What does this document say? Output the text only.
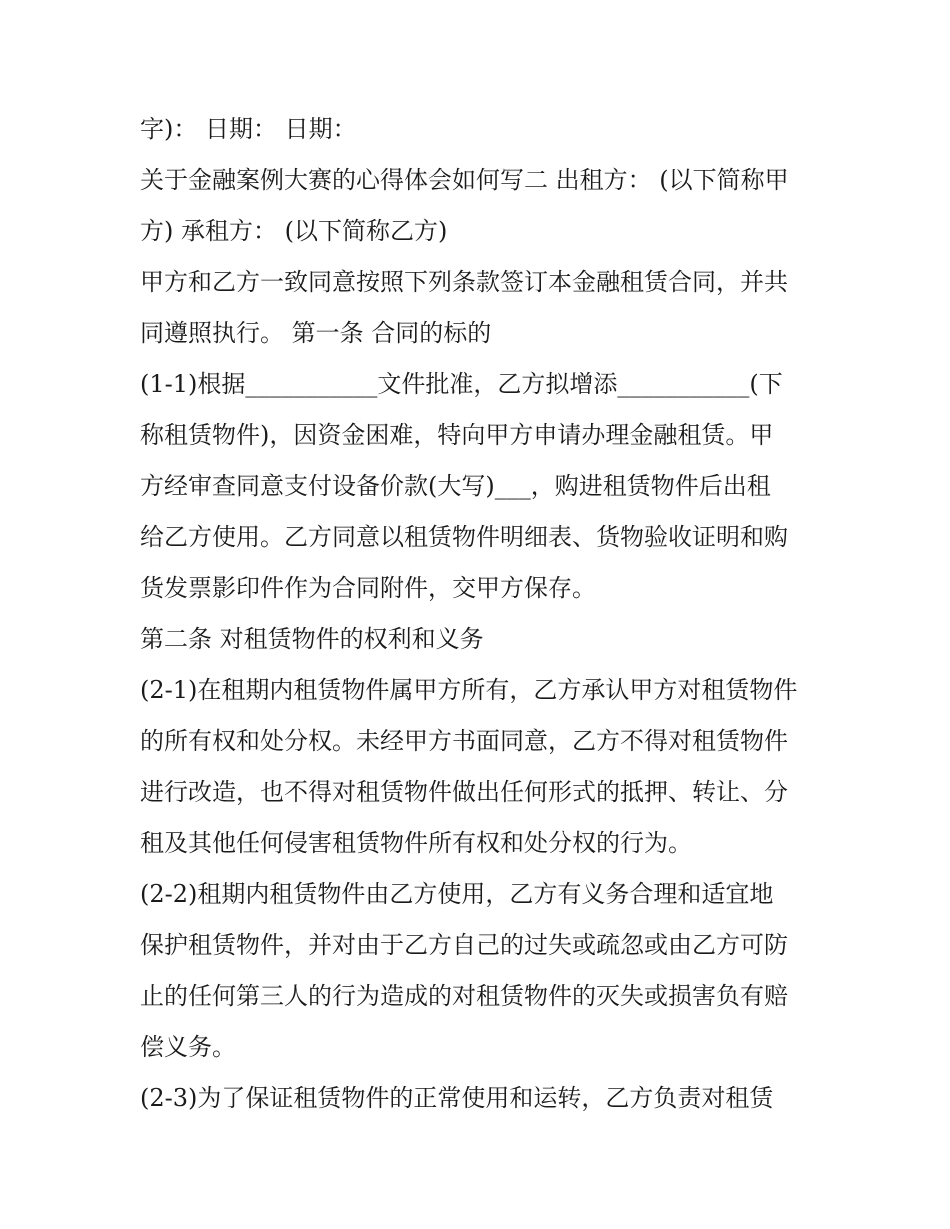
字)： 日期： 日期：
关于金融案例大赛的心得体会如何写二 出租方： (以下简称甲
方) 承租方： (以下简称乙方)
甲方和乙方一致同意按照下列条款签订本金融租赁合同，并共
同遵照执行。 第一条 合同的标的
(1-1)根据___________文件批准，乙方拟增添___________(下
称租赁物件)，因资金困难，特向甲方申请办理金融租赁。甲
方经审查同意支付设备价款(大写)___，购进租赁物件后出租
给乙方使用。乙方同意以租赁物件明细表、货物验收证明和购
货发票影印件作为合同附件，交甲方保存。
第二条 对租赁物件的权利和义务
(2-1)在租期内租赁物件属甲方所有，乙方承认甲方对租赁物件
的所有权和处分权。未经甲方书面同意，乙方不得对租赁物件
进行改造，也不得对租赁物件做出任何形式的抵押、转让、分
租及其他任何侵害租赁物件所有权和处分权的行为。
(2-2)租期内租赁物件由乙方使用，乙方有义务合理和适宜地
保护租赁物件，并对由于乙方自己的过失或疏忽或由乙方可防
止的任何第三人的行为造成的对租赁物件的灭失或损害负有赔
偿义务。
(2-3)为了保证租赁物件的正常使用和运转，乙方负责对租赁
